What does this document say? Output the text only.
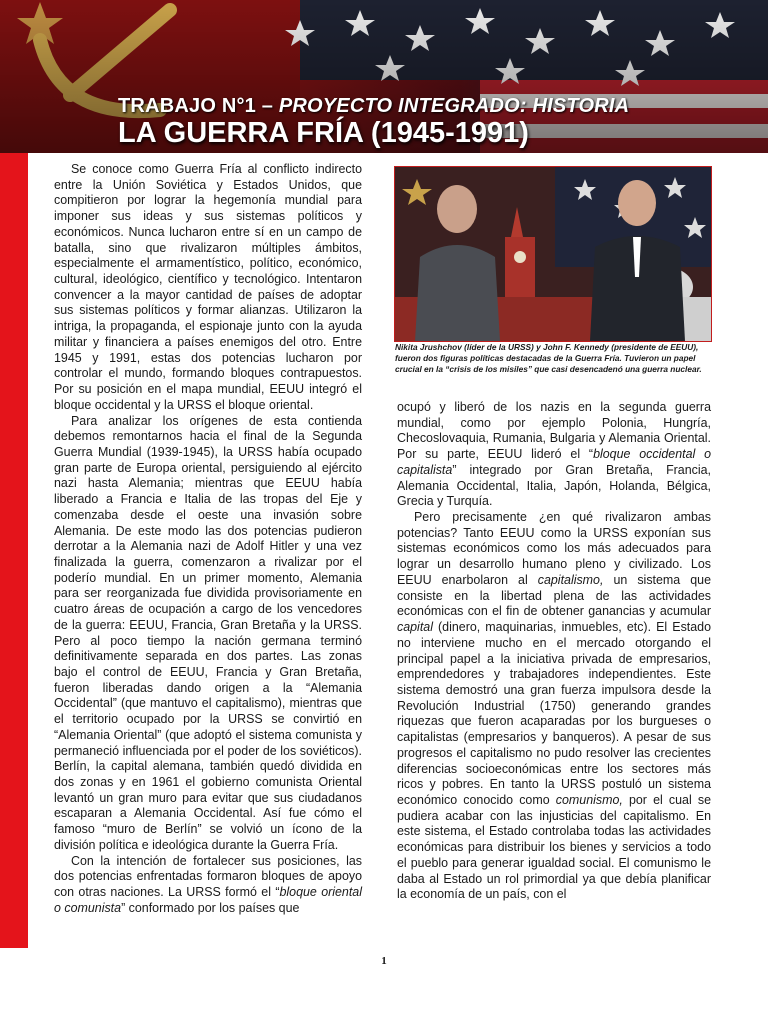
TRABAJO N°1 – PROYECTO INTEGRADO: HISTORIA
LA GUERRA FRÍA (1945-1991)

Se conoce como Guerra Fría al conflicto indirecto entre la Unión Soviética y Estados Unidos, que compitieron por lograr la hegemonía mundial para imponer sus ideas y sus sistemas políticos y económicos. Nunca lucharon entre sí en un campo de batalla, sino que rivalizaron múltiples ámbitos, especialmente el armamentístico, político, económico, cultural, ideológico, científico y tecnológico. Intentaron convencer a la mayor cantidad de países de adoptar sus sistemas políticos y formar alianzas. Utilizaron la intriga, la propaganda, el espionaje junto con la ayuda militar y financiera a países enemigos del otro. Entre 1945 y 1991, estas dos potencias lucharon por controlar el mundo, formando bloques contrapuestos. Por su posición en el mapa mundial, EEUU integró el bloque occidental y la URSS el bloque oriental.

Para analizar los orígenes de esta contienda debemos remontarnos hacia el final de la Segunda Guerra Mundial (1939-1945), la URSS había ocupado gran parte de Europa oriental, persiguiendo al ejército nazi hasta Alemania; mientras que EEUU había liberado a Francia e Italia de las tropas del Eje y comenzaba desde el oeste una invasión sobre Alemania. De este modo las dos potencias pudieron derrotar a la Alemania nazi de Adolf Hitler y una vez finalizada la guerra, comenzaron a rivalizar por el poderío mundial. En un primer momento, Alemania para ser reorganizada fue dividida provisoriamente en cuatro áreas de ocupación a cargo de los vencedores de la guerra: EEUU, Francia, Gran Bretaña y la URSS. Pero al poco tiempo la nación germana terminó definitivamente separada en dos partes. Las zonas bajo el control de EEUU, Francia y Gran Bretaña, fueron liberadas dando origen a la “Alemania Occidental” (que mantuvo el capitalismo), mientras que el territorio ocupado por la URSS se convirtió en “Alemania Oriental” (que adoptó el sistema comunista y permaneció influenciada por el poder de los soviéticos). Berlín, la capital alemana, también quedó dividida en dos zonas y en 1961 el gobierno comunista Oriental levantó un gran muro para evitar que sus ciudadanos escaparan a Alemania Occidental. Así fue cómo el famoso “muro de Berlín” se volvió un ícono de la división política e ideológica durante la Guerra Fría.

Con la intención de fortalecer sus posiciones, las dos potencias enfrentadas formaron bloques de apoyo con otras naciones. La URSS formó el “bloque oriental o comunista” conformado por los países que

Nikita Jrushchov (líder de la URSS) y John F. Kennedy (presidente de EEUU), fueron dos figuras políticas destacadas de la Guerra Fría. Tuvieron un papel crucial en la “crisis de los misiles” que casi desencadenó una guerra nuclear.

ocupó y liberó de los nazis en la segunda guerra mundial, como por ejemplo Polonia, Hungría, Checoslovaquia, Rumania, Bulgaria y Alemania Oriental. Por su parte, EEUU lideró el “bloque occidental o capitalista” integrado por Gran Bretaña, Francia, Alemania Occidental, Italia, Japón, Holanda, Bélgica, Grecia y Turquía.

Pero precisamente ¿en qué rivalizaron ambas potencias? Tanto EEUU como la URSS exponían sus sistemas económicos como los más adecuados para lograr un desarrollo humano pleno y civilizado. Los EEUU enarbolaron al capitalismo, un sistema que consiste en la libertad plena de las actividades económicas con el fin de obtener ganancias y acumular capital (dinero, maquinarias, inmuebles, etc). El Estado no interviene mucho en el mercado otorgando el principal papel a la iniciativa privada de empresarios, emprendedores y trabajadores independientes. Este sistema demostró una gran fuerza impulsora desde la Revolución Industrial (1750) generando grandes riquezas que fueron acaparadas por los burgueses o capitalistas (empresarios y banqueros). A pesar de sus progresos el capitalismo no pudo resolver las crecientes diferencias socioeconómicas entre los sectores más ricos y pobres. En tanto la URSS postuló un sistema económico conocido como comunismo, por el cual se pudiera acabar con las injusticias del capitalismo. En este sistema, el Estado controlaba todas las actividades económicas para distribuir los bienes y servicios a todo el pueblo para generar igualdad social. El comunismo le daba al Estado un rol primordial ya que debía planificar la economía de un país, con el

1
